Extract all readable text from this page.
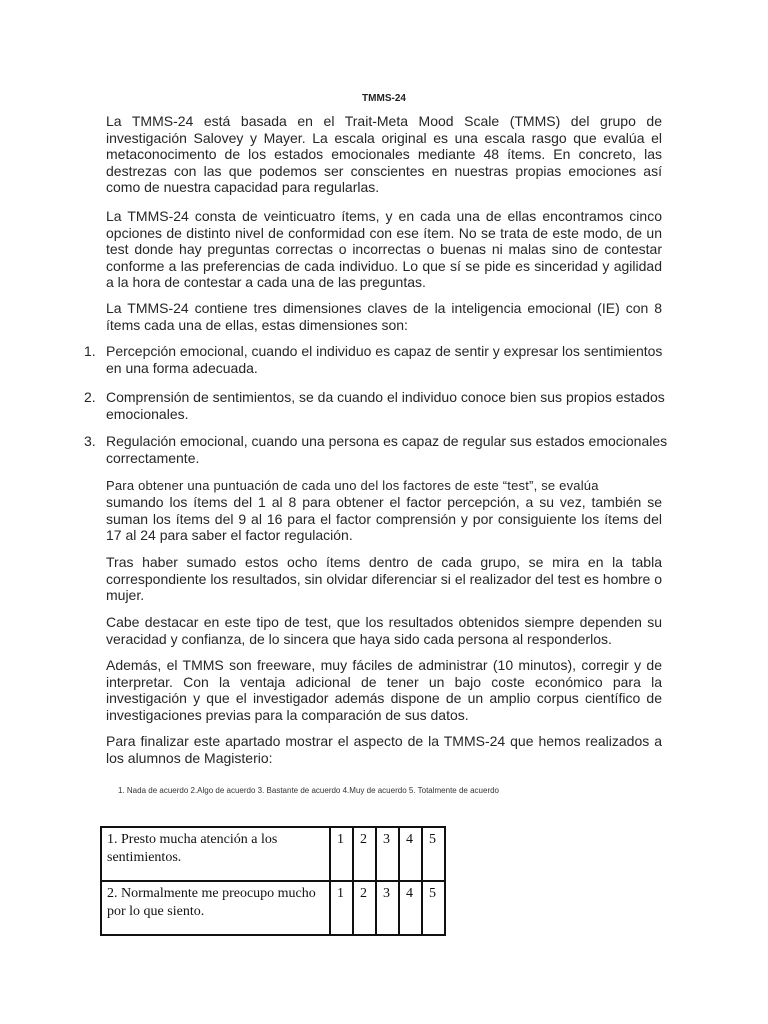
TMMS-24

La TMMS-24 está basada en el Trait-Meta Mood Scale (TMMS) del grupo de investigación Salovey y Mayer. La escala original es una escala rasgo que evalúa el metaconocimento de los estados emocionales mediante 48 ítems. En concreto, las destrezas con las que podemos ser conscientes en nuestras propias emociones así como de nuestra capacidad para regularlas.

La TMMS-24 consta de veinticuatro ítems, y en cada una de ellas encontramos cinco opciones de distinto nivel de conformidad con ese ítem. No se trata de este modo, de un test donde hay preguntas correctas o incorrectas o buenas ni malas sino de contestar conforme a las preferencias de cada individuo. Lo que sí se pide es sinceridad y agilidad a la hora de contestar a cada una de las preguntas.

La TMMS-24 contiene tres dimensiones claves de la inteligencia emocional (IE) con 8 ítems cada una de ellas, estas dimensiones son:

1. Percepción emocional, cuando el individuo es capaz de sentir y expresar los sentimientos en una forma adecuada.
2. Comprensión de sentimientos, se da cuando el individuo conoce bien sus propios estados emocionales.
3. Regulación emocional, cuando una persona es capaz de regular sus estados emocionales correctamente.

Para obtener una puntuación de cada uno del los factores de este “test”, se evalúa

sumando los ítems del 1 al 8 para obtener el factor percepción, a su vez, también se suman los ítems del 9 al 16 para el factor comprensión y por consiguiente los ítems del 17 al 24 para saber el factor regulación.

Tras haber sumado estos ocho ítems dentro de cada grupo, se mira en la tabla correspondiente los resultados, sin olvidar diferenciar si el realizador del test es hombre o mujer.

Cabe destacar en este tipo de test, que los resultados obtenidos siempre dependen su veracidad y confianza, de lo sincera que haya sido cada persona al responderlos.

Además, el TMMS son freeware, muy fáciles de administrar (10 minutos), corregir y de interpretar. Con la ventaja adicional de tener un bajo coste económico para la investigación y que el investigador además dispone de un amplio corpus científico de investigaciones previas para la comparación de sus datos.

Para finalizar este apartado mostrar el aspecto de la TMMS-24 que hemos realizados a los alumnos de Magisterio:

1. Nada de acuerdo 2.Algo de acuerdo 3. Bastante de acuerdo 4.Muy de acuerdo 5. Totalmente de acuerdo
1. Presto mucha atención a los sentimientos.	1	2	3	4	5
2. Normalmente me preocupo mucho por lo que siento.	1	2	3	4	5
